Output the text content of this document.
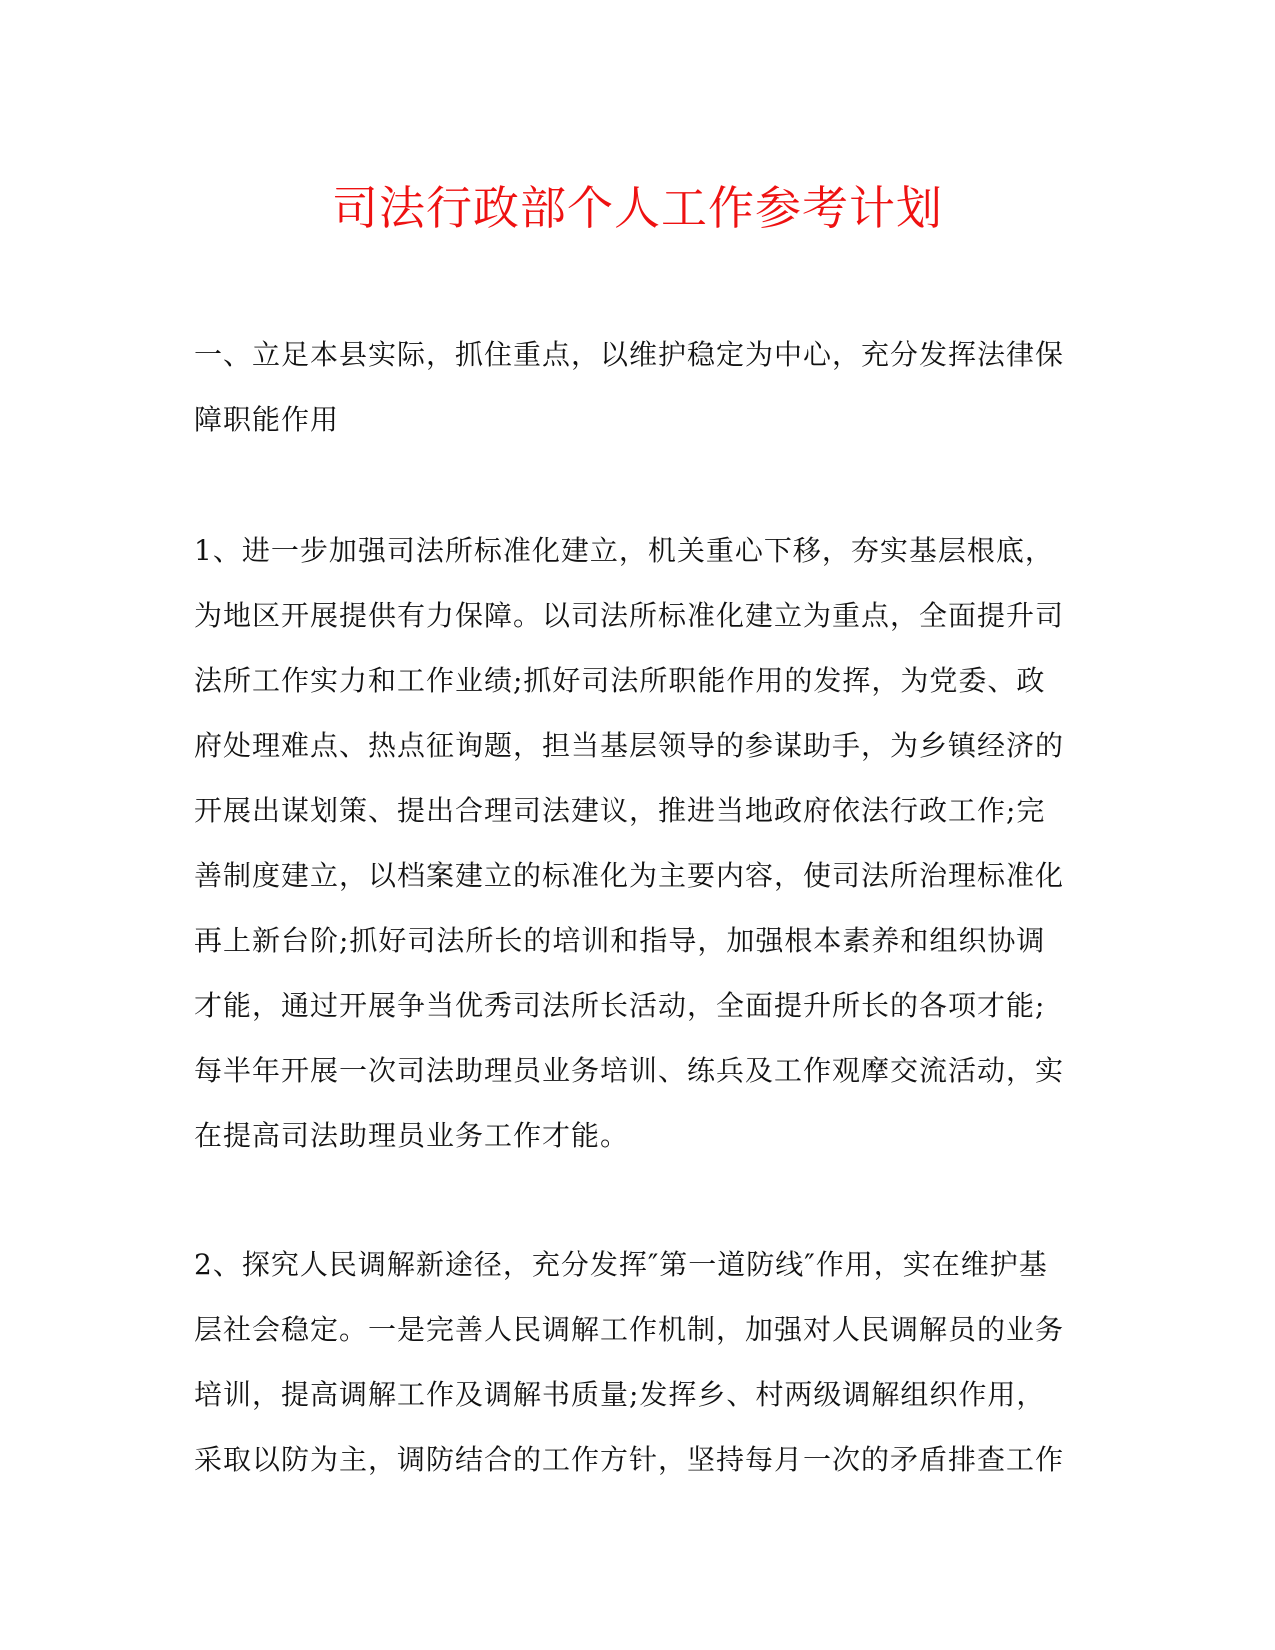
司法行政部个人工作参考计划
一、立足本县实际，抓住重点，以维护稳定为中心，充分发挥法律保
障职能作用
1、进一步加强司法所标准化建立，机关重心下移，夯实基层根底，
为地区开展提供有力保障。以司法所标准化建立为重点，全面提升司
法所工作实力和工作业绩;抓好司法所职能作用的发挥，为党委、政
府处理难点、热点征询题，担当基层领导的参谋助手，为乡镇经济的
开展出谋划策、提出合理司法建议，推进当地政府依法行政工作;完
善制度建立，以档案建立的标准化为主要内容，使司法所治理标准化
再上新台阶;抓好司法所长的培训和指导，加强根本素养和组织协调
才能，通过开展争当优秀司法所长活动，全面提升所长的各项才能;
每半年开展一次司法助理员业务培训、练兵及工作观摩交流活动，实
在提高司法助理员业务工作才能。
2、探究人民调解新途径，充分发挥″第一道防线″作用，实在维护基
层社会稳定。一是完善人民调解工作机制，加强对人民调解员的业务
培训，提高调解工作及调解书质量;发挥乡、村两级调解组织作用，
采取以防为主，调防结合的工作方针，坚持每月一次的矛盾排查工作
